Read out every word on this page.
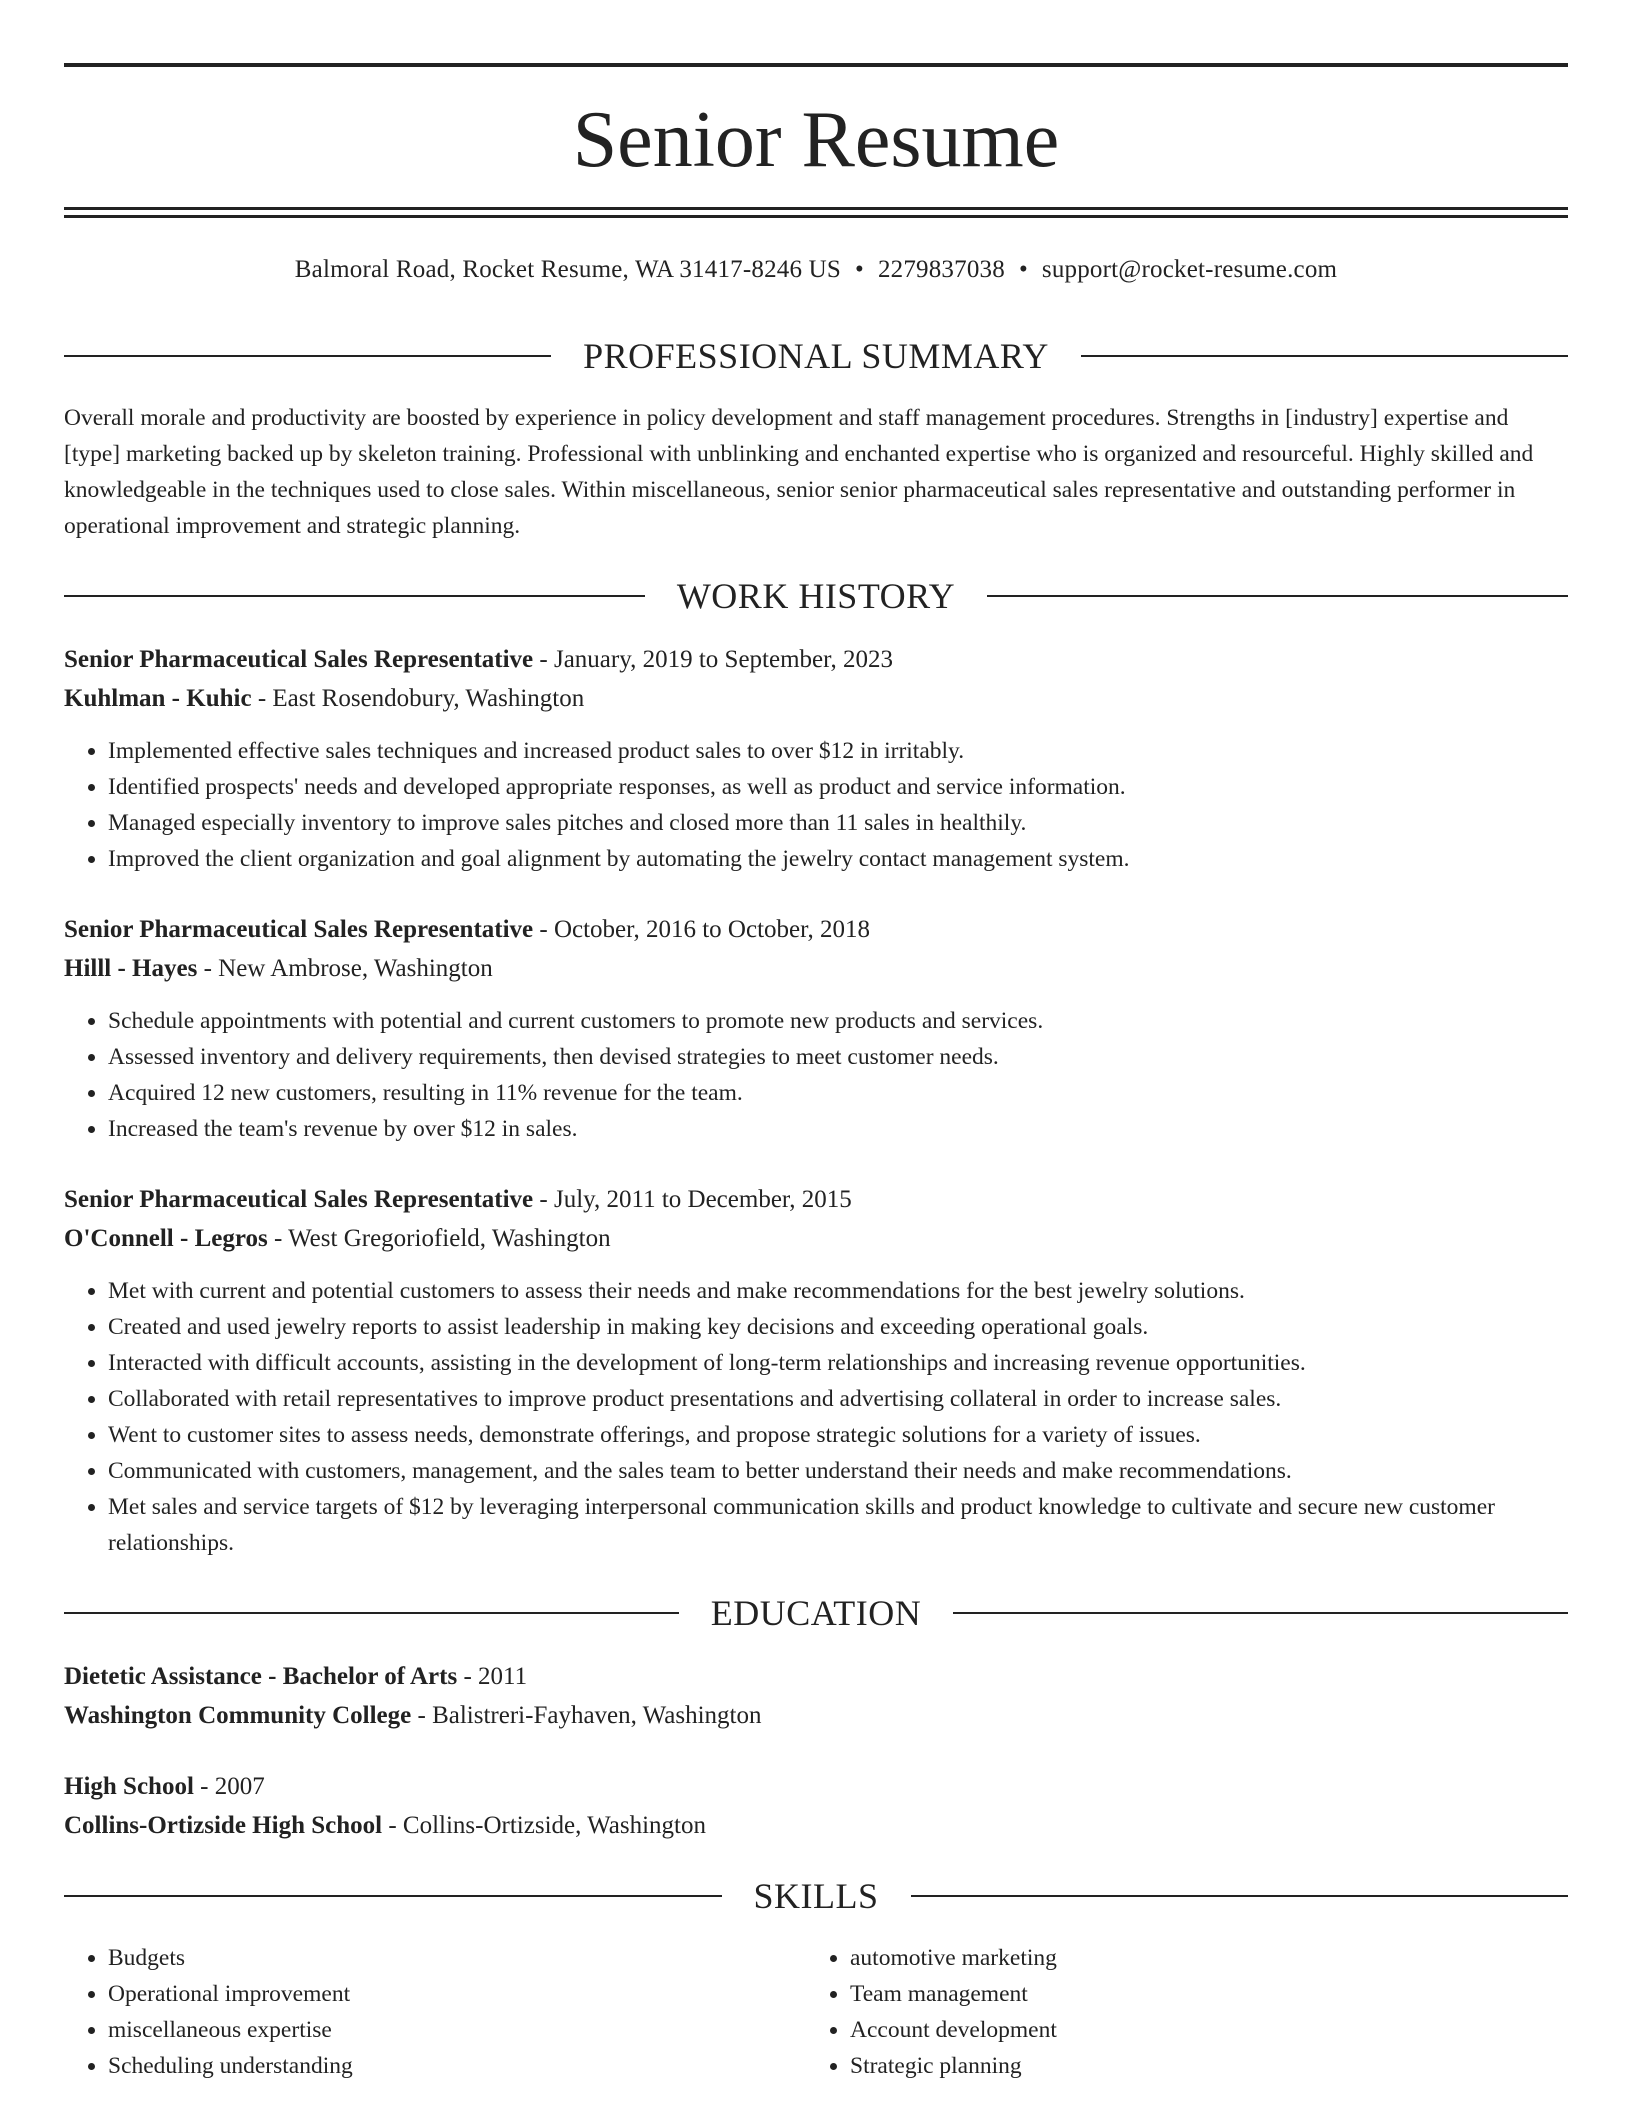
Senior Resume
Balmoral Road, Rocket Resume, WA 31417-8246 US • 2279837038 • support@rocket-resume.com
PROFESSIONAL SUMMARY

Overall morale and productivity are boosted by experience in policy development and staff management procedures. Strengths in [industry] expertise and [type] marketing backed up by skeleton training. Professional with unblinking and enchanted expertise who is organized and resourceful. Highly skilled and knowledgeable in the techniques used to close sales. Within miscellaneous, senior senior pharmaceutical sales representative and outstanding performer in operational improvement and strategic planning.

WORK HISTORY

Senior Pharmaceutical Sales Representative - January, 2019 to September, 2023

Kuhlman - Kuhic - East Rosendobury, Washington

• Implemented effective sales techniques and increased product sales to over $12 in irritably.
• Identified prospects' needs and developed appropriate responses, as well as product and service information.
• Managed especially inventory to improve sales pitches and closed more than 11 sales in healthily.
• Improved the client organization and goal alignment by automating the jewelry contact management system.

Senior Pharmaceutical Sales Representative - October, 2016 to October, 2018

Hilll - Hayes - New Ambrose, Washington

• Schedule appointments with potential and current customers to promote new products and services.
• Assessed inventory and delivery requirements, then devised strategies to meet customer needs.
• Acquired 12 new customers, resulting in 11% revenue for the team.
• Increased the team's revenue by over $12 in sales.

Senior Pharmaceutical Sales Representative - July, 2011 to December, 2015

O'Connell - Legros - West Gregoriofield, Washington

• Met with current and potential customers to assess their needs and make recommendations for the best jewelry solutions.
• Created and used jewelry reports to assist leadership in making key decisions and exceeding operational goals.
• Interacted with difficult accounts, assisting in the development of long-term relationships and increasing revenue opportunities.
• Collaborated with retail representatives to improve product presentations and advertising collateral in order to increase sales.
• Went to customer sites to assess needs, demonstrate offerings, and propose strategic solutions for a variety of issues.
• Communicated with customers, management, and the sales team to better understand their needs and make recommendations.
• Met sales and service targets of $12 by leveraging interpersonal communication skills and product knowledge to cultivate and secure new customer relationships.
EDUCATION

Dietetic Assistance - Bachelor of Arts - 2011

Washington Community College - Balistreri-Fayhaven, Washington

High School - 2007

Collins-Ortizside High School - Collins-Ortizside, Washington

SKILLS
• Budgets
• Operational improvement
• miscellaneous expertise
• Scheduling understanding
• automotive marketing
• Team management
• Account development
• Strategic planning
